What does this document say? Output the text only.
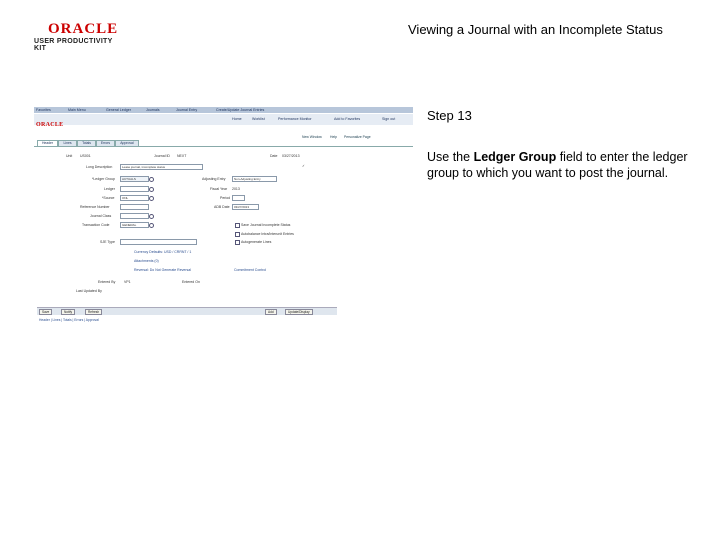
ORACLE
USER PRODUCTIVITY KIT
Viewing a Journal with an Incomplete Status
Favorites	Main Menu	General Ledger	Journals	Journal Entry	Create/Update Journal Entries
ORACLE
Home	Worklist	Performance Monitor	Add to Favorites	Sign out
New Window Help Personalize Page
Header	Lines	Totals	Errors	Approval
Unit US001	Journal ID NEXT	Date 03/27/2013
Long Description	Lease journal, incomplete status	✓
*Ledger Group	ACTUALS	Adjusting Entry	Non-Adjusting Entry
Ledger	Fiscal Year 2013
*Source	ONL	Period
Reference Number	ADB Date	03/27/2013
Journal Class
Transaction Code	GENERAL	Save Journal Incomplete Status
Autobalance Intra/Interunit Entries
SJE Type	Autogenerate Lines
Currency Defaults: USD / CRRNT / 1
Attachments (0)
Reversal: Do Not Generate Reversal	Commitment Control
Entered By VP1	Entered On
Last Updated By
Save	Notify	Refresh	Add	Update/Display
Header | Lines | Totals | Errors | Approval
Step 13
Use the Ledger Group field to enter the ledger group to which you want to post the journal.
